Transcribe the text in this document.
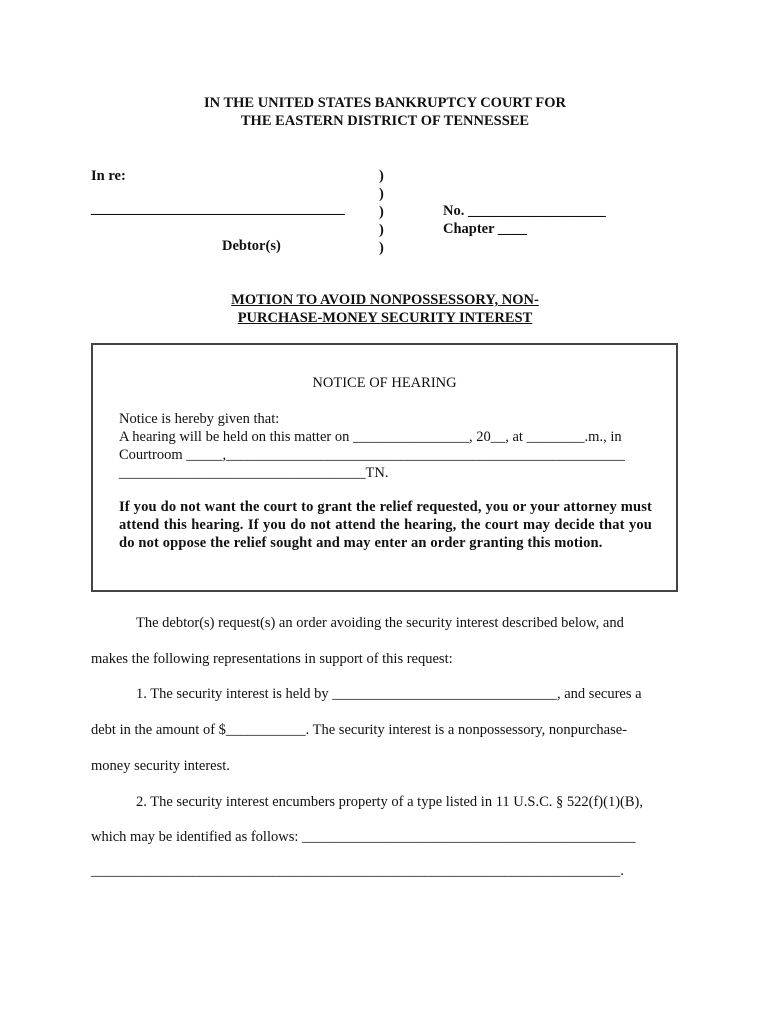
IN THE UNITED STATES BANKRUPTCY COURT FOR
THE EASTERN DISTRICT OF TENNESSEE
In re:
___________________________________
Debtor(s)
)
)
)
)
)
No. ___________________
Chapter ____
MOTION TO AVOID NONPOSSESSORY, NON-
PURCHASE-MONEY SECURITY INTEREST
NOTICE OF HEARING
Notice is hereby given that:
A hearing will be held on this matter on ________________, 20__, at ________.m., in
Courtroom _____,_______________________________________________________
__________________________________TN.
If you do not want the court to grant the relief requested, you or your attorney must attend this hearing. If you do not attend the hearing, the court may decide that you do not oppose the relief sought and may enter an order granting this motion.
The debtor(s) request(s) an order avoiding the security interest described below, and
makes the following representations in support of this request:
1. The security interest is held by _______________________________, and secures a
debt in the amount of $___________. The security interest is a nonpossessory, nonpurchase-
money security interest.
2. The security interest encumbers property of a type listed in 11 U.S.C. § 522(f)(1)(B),
which may be identified as follows: ______________________________________________
_________________________________________________________________________.
